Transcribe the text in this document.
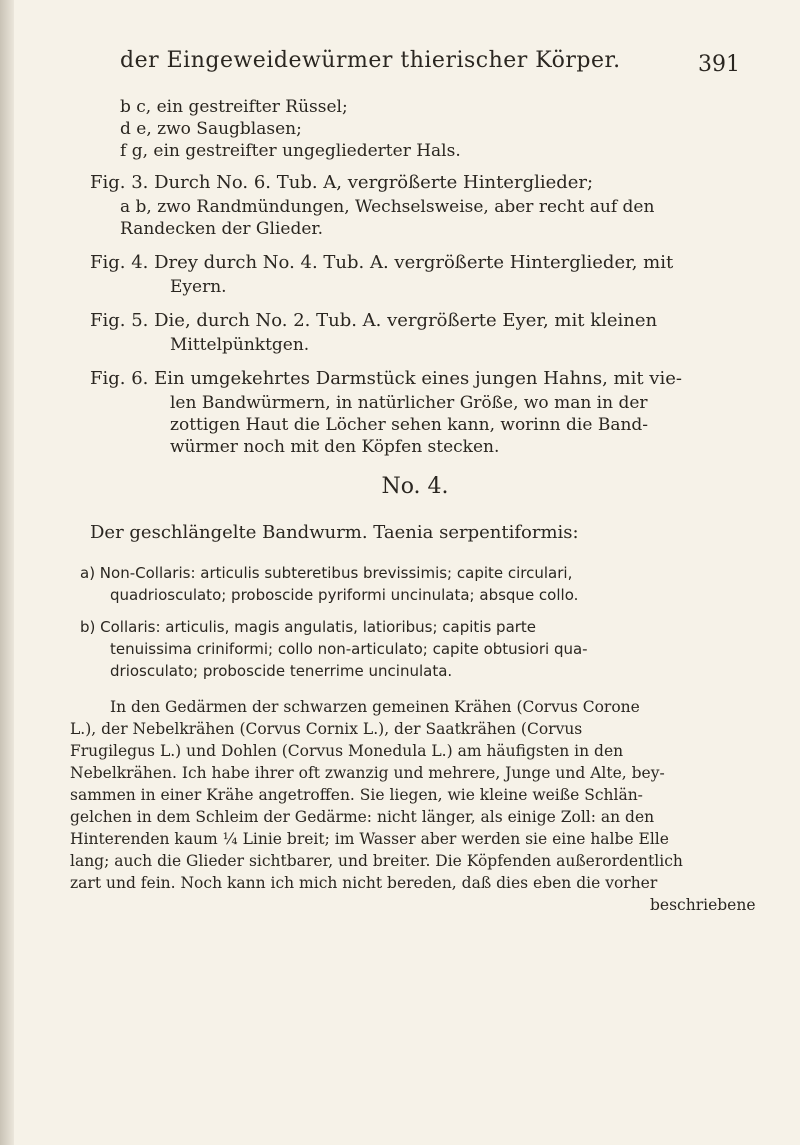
der Eingeweidewürmer thierischer Körper.	391
b c, ein gestreifter Rüssel;
d e, zwo Saugblasen;
f g, ein gestreifter ungegliederter Hals.
Fig. 3. Durch No. 6. Tub. A, vergrößerte Hinterglieder;
a b, zwo Randmündungen, Wechselsweise, aber recht auf den
Randecken der Glieder.
Fig. 4. Drey durch No. 4. Tub. A. vergrößerte Hinterglieder, mit
Eyern.
Fig. 5. Die, durch No. 2. Tub. A. vergrößerte Eyer, mit kleinen
Mittelpünktgen.
Fig. 6. Ein umgekehrtes Darmstück eines jungen Hahns, mit vie-
len Bandwürmern, in natürlicher Größe, wo man in der
zottigen Haut die Löcher sehen kann, worinn die Band-
würmer noch mit den Köpfen stecken.
No. 4.
Der geschlängelte Bandwurm. Taenia serpentiformis:
a) Non-Collaris: articulis subteretibus brevissimis; capite circulari,
quadriosculato; proboscide pyriformi uncinulata; absque collo.
b) Collaris: articulis, magis angulatis, latioribus; capitis parte
tenuissima criniformi; collo non-articulato; capite obtusiori qua-
driosculato; proboscide tenerrime uncinulata.
In den Gedärmen der schwarzen gemeinen Krähen (Corvus Corone
L.), der Nebelkrähen (Corvus Cornix L.), der Saatkrähen (Corvus
Frugilegus L.) und Dohlen (Corvus Monedula L.) am häufigsten in den
Nebelkrähen. Ich habe ihrer oft zwanzig und mehrere, Junge und Alte, bey-
sammen in einer Krähe angetroffen. Sie liegen, wie kleine weiße Schlän-
gelchen in dem Schleim der Gedärme: nicht länger, als einige Zoll: an den
Hinterenden kaum ¼ Linie breit; im Wasser aber werden sie eine halbe Elle
lang; auch die Glieder sichtbarer, und breiter. Die Köpfenden außerordentlich
zart und fein. Noch kann ich mich nicht bereden, daß dies eben die vorher
beschriebene
